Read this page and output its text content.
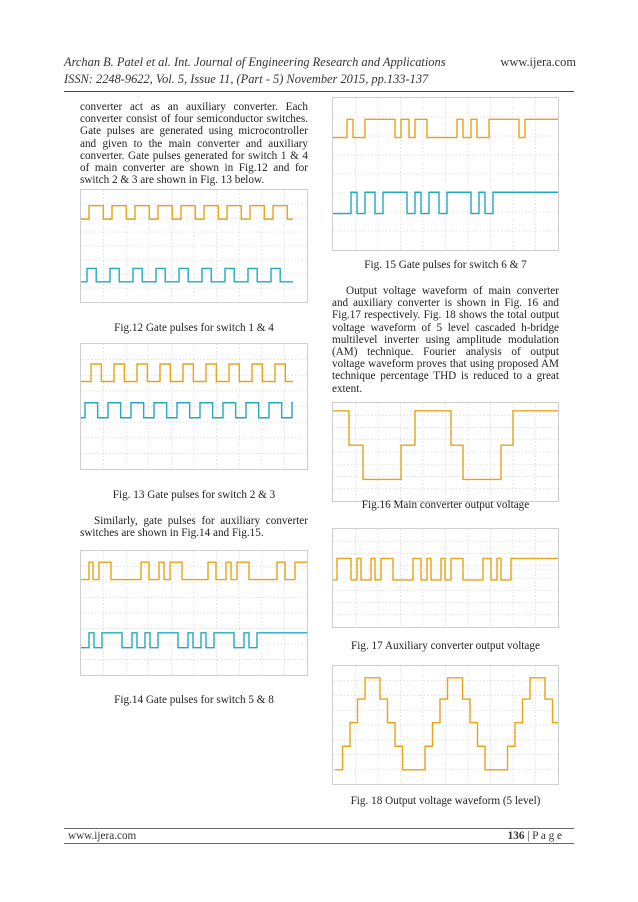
Archan B. Patel et al. Int. Journal of Engineering Research and Applications	www.ijera.com
ISSN: 2248-9622, Vol. 5, Issue 11, (Part - 5) November 2015, pp.133-137
converter act as an auxiliary converter. Each converter consist of four semiconductor switches. Gate pulses are generated using microcontroller and given to the main converter and auxiliary converter. Gate pulses generated for switch 1 & 4 of main converter are shown in Fig.12 and for switch 2 & 3 are shown in Fig. 13 below.
Fig.12 Gate pulses for switch 1 & 4
Fig. 13 Gate pulses for switch 2 & 3
Similarly, gate pulses for auxiliary converter switches are shown in Fig.14 and Fig.15.
Fig.14 Gate pulses for switch 5 & 8
Fig. 15 Gate pulses for switch 6 & 7
Output voltage waveform of main converter and auxiliary converter is shown in Fig. 16 and Fig.17 respectively. Fig. 18 shows the total output voltage waveform of 5 level cascaded h-bridge multilevel inverter using amplitude modulation (AM) technique. Fourier analysis of output voltage waveform proves that using proposed AM technique percentage THD is reduced to a great extent.
Fig.16 Main converter output voltage
Fig. 17 Auxiliary converter output voltage
Fig. 18 Output voltage waveform (5 level)
www.ijera.com	136 | P a g e
